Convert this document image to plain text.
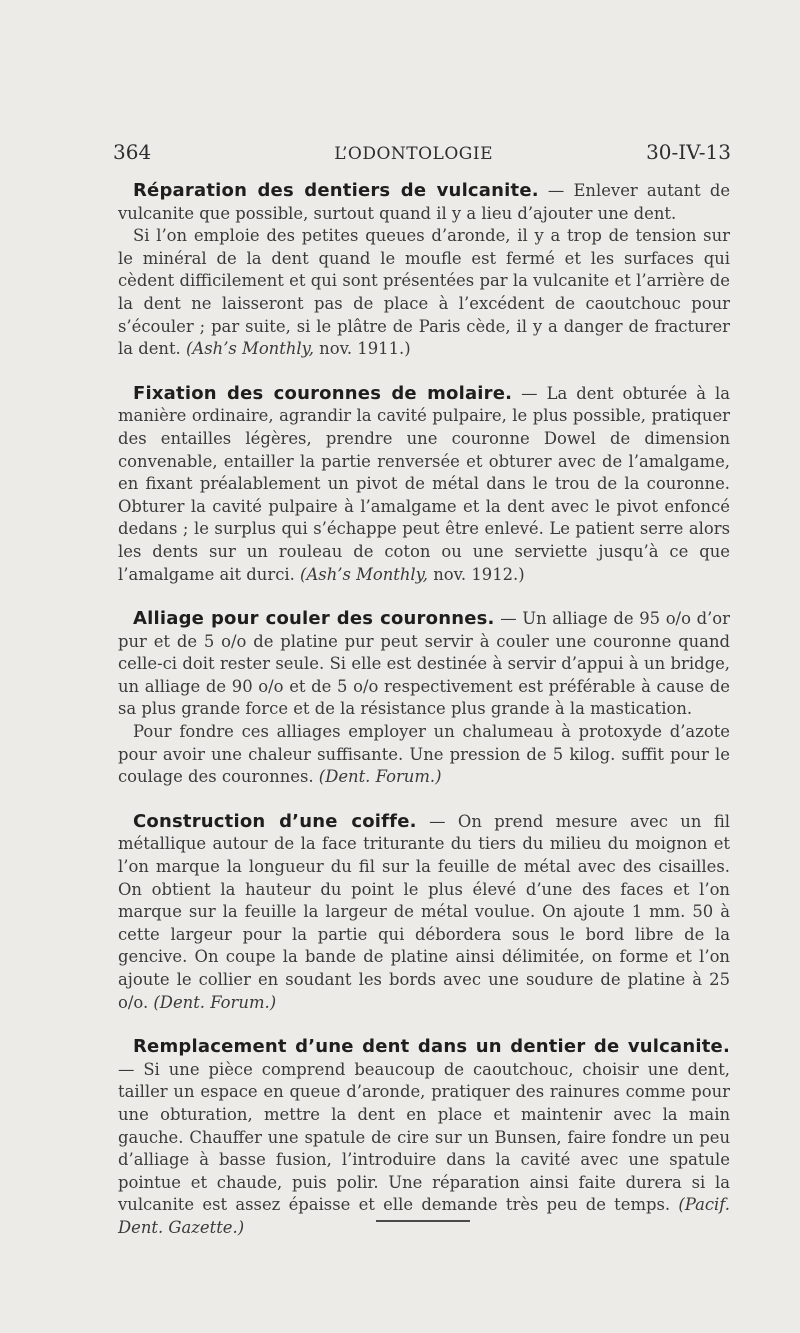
364	L’ODONTOLOGIE	30-IV-13

Réparation des dentiers de vulcanite. — Enlever autant de vulcanite que possible, surtout quand il y a lieu d’ajouter une dent.

Si l’on emploie des petites queues d’aronde, il y a trop de tension sur le minéral de la dent quand le moufle est fermé et les surfaces qui cèdent difficilement et qui sont présentées par la vulcanite et l’arrière de la dent ne laisseront pas de place à l’excédent de caoutchouc pour s’écouler ; par suite, si le plâtre de Paris cède, il y a danger de fracturer la dent. (Ash’s Monthly, nov. 1911.)

Fixation des couronnes de molaire. — La dent obturée à la manière ordinaire, agrandir la cavité pulpaire, le plus possible, pratiquer des entailles légères, prendre une couronne Dowel de dimension convenable, entailler la partie renversée et obturer avec de l’amalgame, en fixant préalablement un pivot de métal dans le trou de la couronne. Obturer la cavité pulpaire à l’amalgame et la dent avec le pivot enfoncé dedans ; le surplus qui s’échappe peut être enlevé. Le patient serre alors les dents sur un rouleau de coton ou une serviette jusqu’à ce que l’amalgame ait durci. (Ash’s Monthly, nov. 1912.)

Alliage pour couler des couronnes. — Un alliage de 95 o/o d’or pur et de 5 o/o de platine pur peut servir à couler une couronne quand celle-ci doit rester seule. Si elle est destinée à servir d’appui à un bridge, un alliage de 90 o/o et de 5 o/o respectivement est préférable à cause de sa plus grande force et de la résistance plus grande à la mastication.

Pour fondre ces alliages employer un chalumeau à protoxyde d’azote pour avoir une chaleur suffisante. Une pression de 5 kilog. suffit pour le coulage des couronnes. (Dent. Forum.)

Construction d’une coiffe. — On prend mesure avec un fil métallique autour de la face triturante du tiers du milieu du moignon et l’on marque la longueur du fil sur la feuille de métal avec des cisailles. On obtient la hauteur du point le plus élevé d’une des faces et l’on marque sur la feuille la largeur de métal voulue. On ajoute 1 mm. 50 à cette largeur pour la partie qui débordera sous le bord libre de la gencive. On coupe la bande de platine ainsi délimitée, on forme et l’on ajoute le collier en soudant les bords avec une soudure de platine à 25 o/o. (Dent. Forum.)

Remplacement d’une dent dans un dentier de vulcanite. — Si une pièce comprend beaucoup de caoutchouc, choisir une dent, tailler un espace en queue d’aronde, pratiquer des rainures comme pour une obturation, mettre la dent en place et maintenir avec la main gauche. Chauffer une spatule de cire sur un Bunsen, faire fondre un peu d’alliage à basse fusion, l’introduire dans la cavité avec une spatule pointue et chaude, puis polir. Une réparation ainsi faite durera si la vulcanite est assez épaisse et elle demande très peu de temps. (Pacif. Dent. Gazette.)
